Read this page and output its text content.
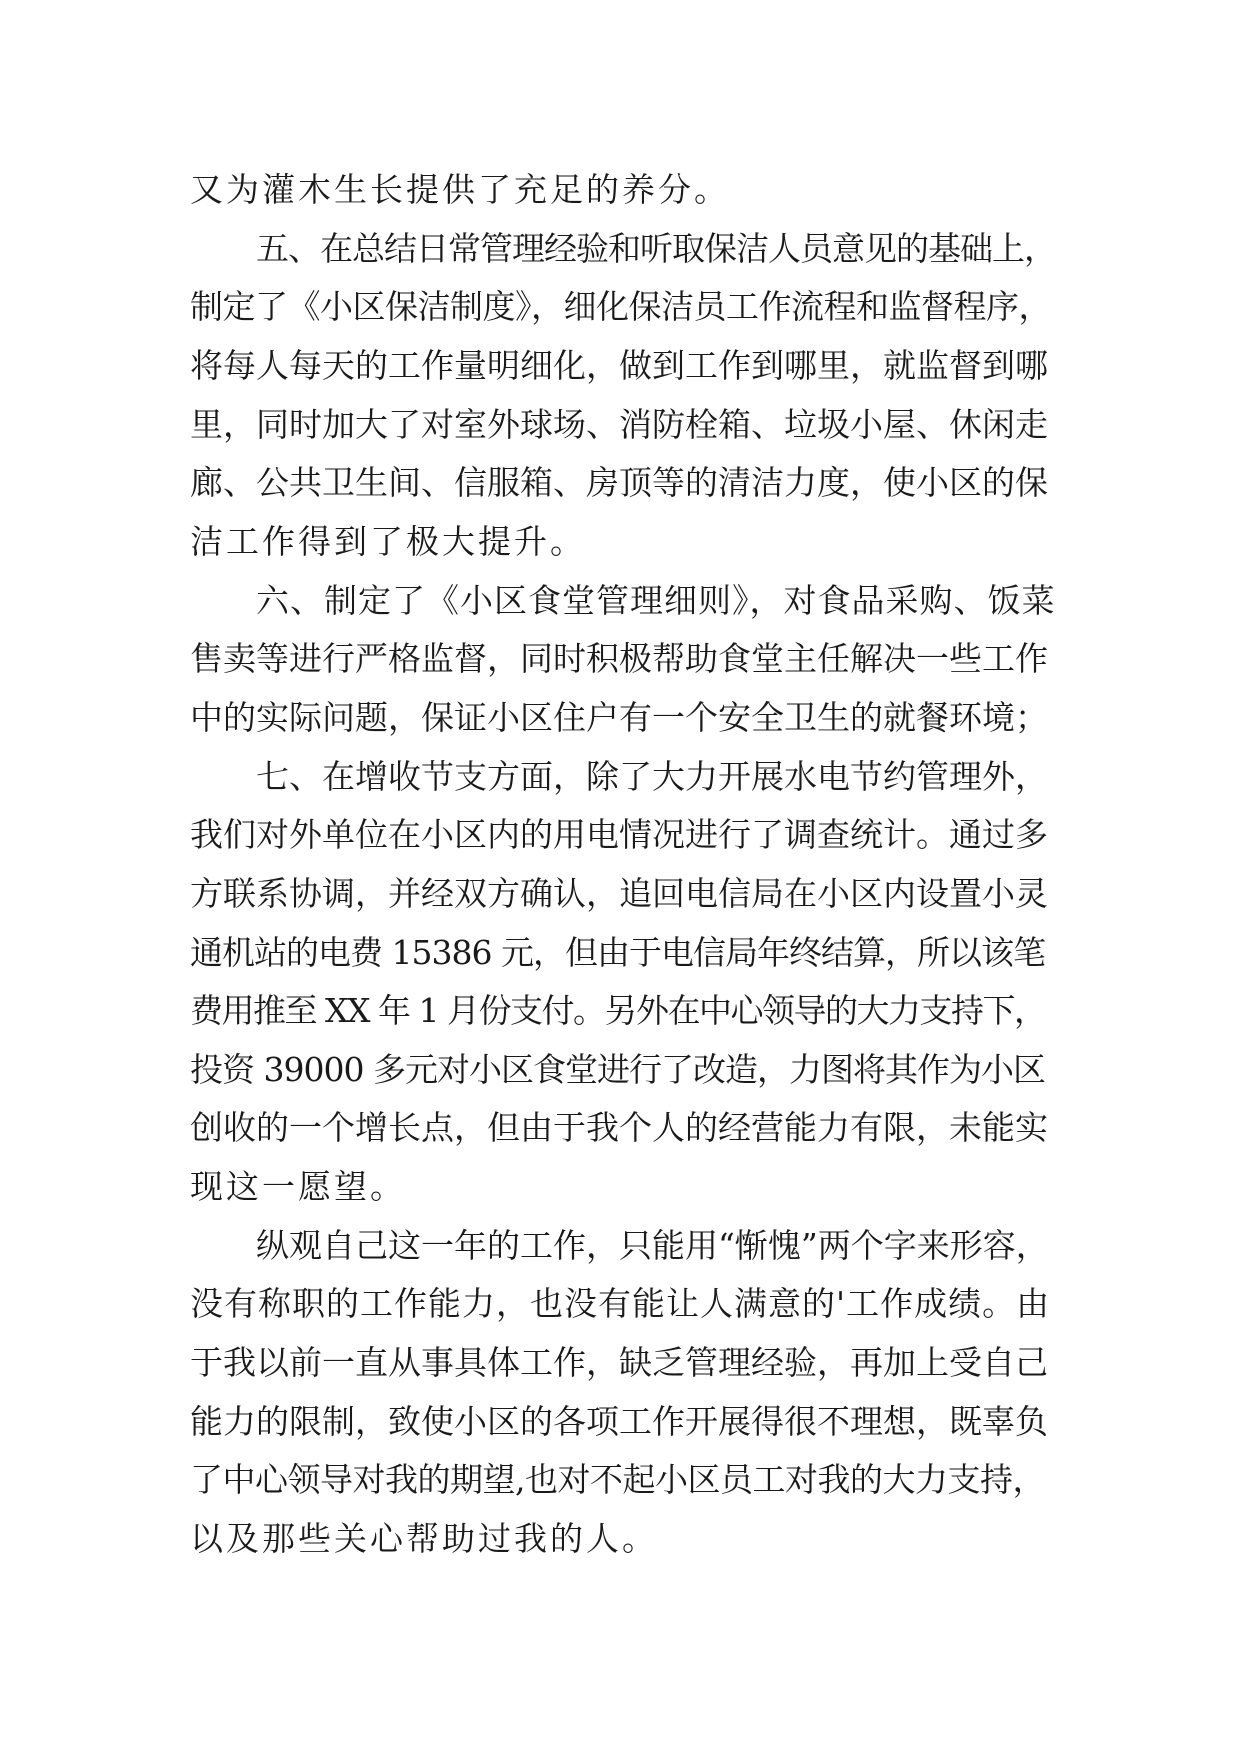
又为灌木生长提供了充足的养分。

五、在总结日常管理经验和听取保洁人员意见的基础上，

制定了《小区保洁制度》，细化保洁员工作流程和监督程序，

将每人每天的工作量明细化，做到工作到哪里，就监督到哪

里，同时加大了对室外球场、消防栓箱、垃圾小屋、休闲走

廊、公共卫生间、信服箱、房顶等的清洁力度，使小区的保

洁工作得到了极大提升。

六、制定了《小区食堂管理细则》，对食品采购、饭菜

售卖等进行严格监督，同时积极帮助食堂主任解决一些工作

中的实际问题，保证小区住户有一个安全卫生的就餐环境；

七、在增收节支方面，除了大力开展水电节约管理外，

我们对外单位在小区内的用电情况进行了调查统计。通过多

方联系协调，并经双方确认，追回电信局在小区内设置小灵

通机站的电费 15386 元，但由于电信局年终结算，所以该笔

费用推至 XX 年 1 月份支付。另外在中心领导的大力支持下，

投资 39000 多元对小区食堂进行了改造，力图将其作为小区

创收的一个增长点，但由于我个人的经营能力有限，未能实

现这一愿望。

纵观自己这一年的工作，只能用“惭愧”两个字来形容，

没有称职的工作能力，也没有能让人满意的'工作成绩。由

于我以前一直从事具体工作，缺乏管理经验，再加上受自己

能力的限制，致使小区的各项工作开展得很不理想，既辜负

了中心领导对我的期望,也对不起小区员工对我的大力支持，

以及那些关心帮助过我的人。
